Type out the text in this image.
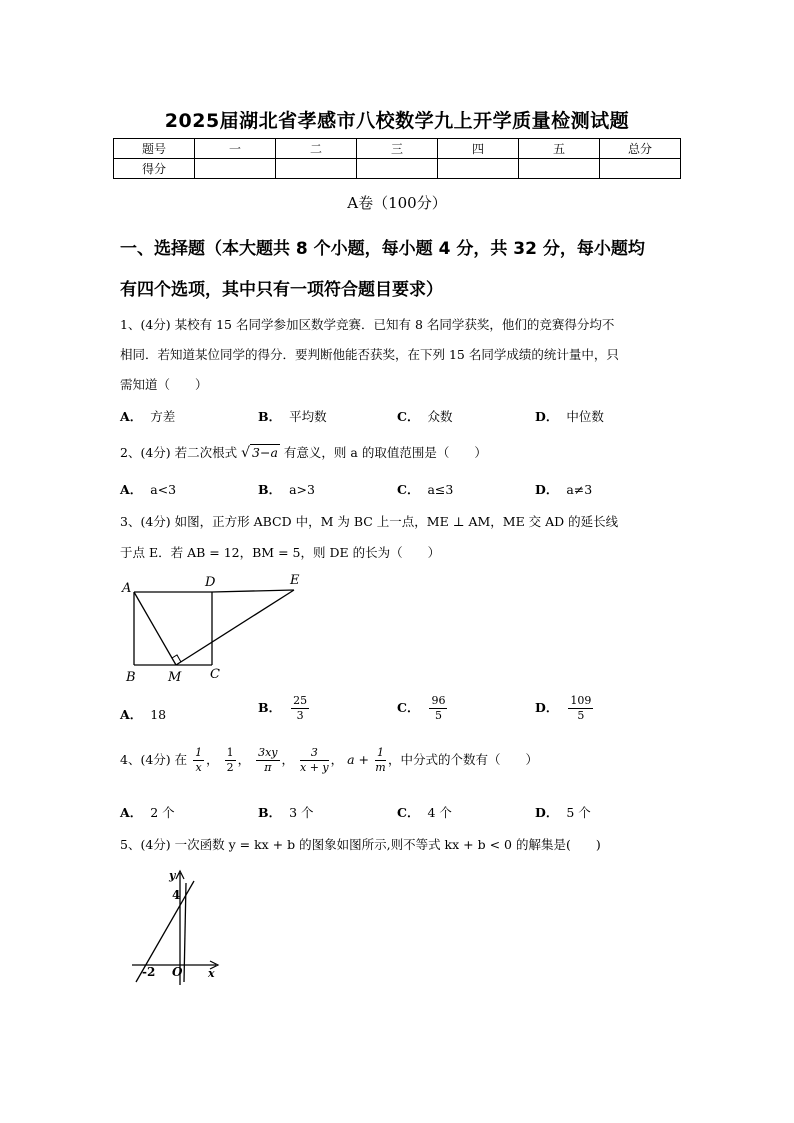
2025届湖北省孝感市八校数学九上开学质量检测试题
题号	一	二	三	四	五	总分
得分						
A卷（100分）
一、选择题（本大题共 8 个小题，每小题 4 分，共 32 分，每小题均
有四个选项，其中只有一项符合题目要求）
1、(4分) 某校有 15 名同学参加区数学竞赛．已知有 8 名同学获奖，他们的竞赛得分均不
相同．若知道某位同学的得分．要判断他能否获奖，在下列 15 名同学成绩的统计量中，只
需知道（　　）
A． 方差	B． 平均数	C． 众数	D． 中位数
2、(4分) 若二次根式 √ 3−a 有意义，则 a 的取值范围是（　　）
A． a<3	B． a>3	C． a≤3	D． a≠3
3、(4分) 如图，正方形 ABCD 中，M 为 BC 上一点，ME ⊥ AM，ME 交 AD 的延长线
于点 E．若 AB = 12，BM = 5，则 DE 的长为（　　）
A	D	E
B M C
A． 18	B． $\frac{25}{3}$	C． $\frac{96}{5}$	D． $\frac{109}{5}$
4、(4分) 在 $\frac{1}{x}$ ， $\frac{1}{2}$ ， $\frac{3xy}{\pi}$ ， $\frac{3}{x + y}$ ， $a + \frac{1}{m}$ ，中分式的个数有（　　）
A． 2 个	B． 3 个	C． 4 个	D． 5 个
5、(4分) 一次函数 y = kx + b 的图象如图所示,则不等式 kx + b < 0 的解集是(　　)
y
4
-2 O x
